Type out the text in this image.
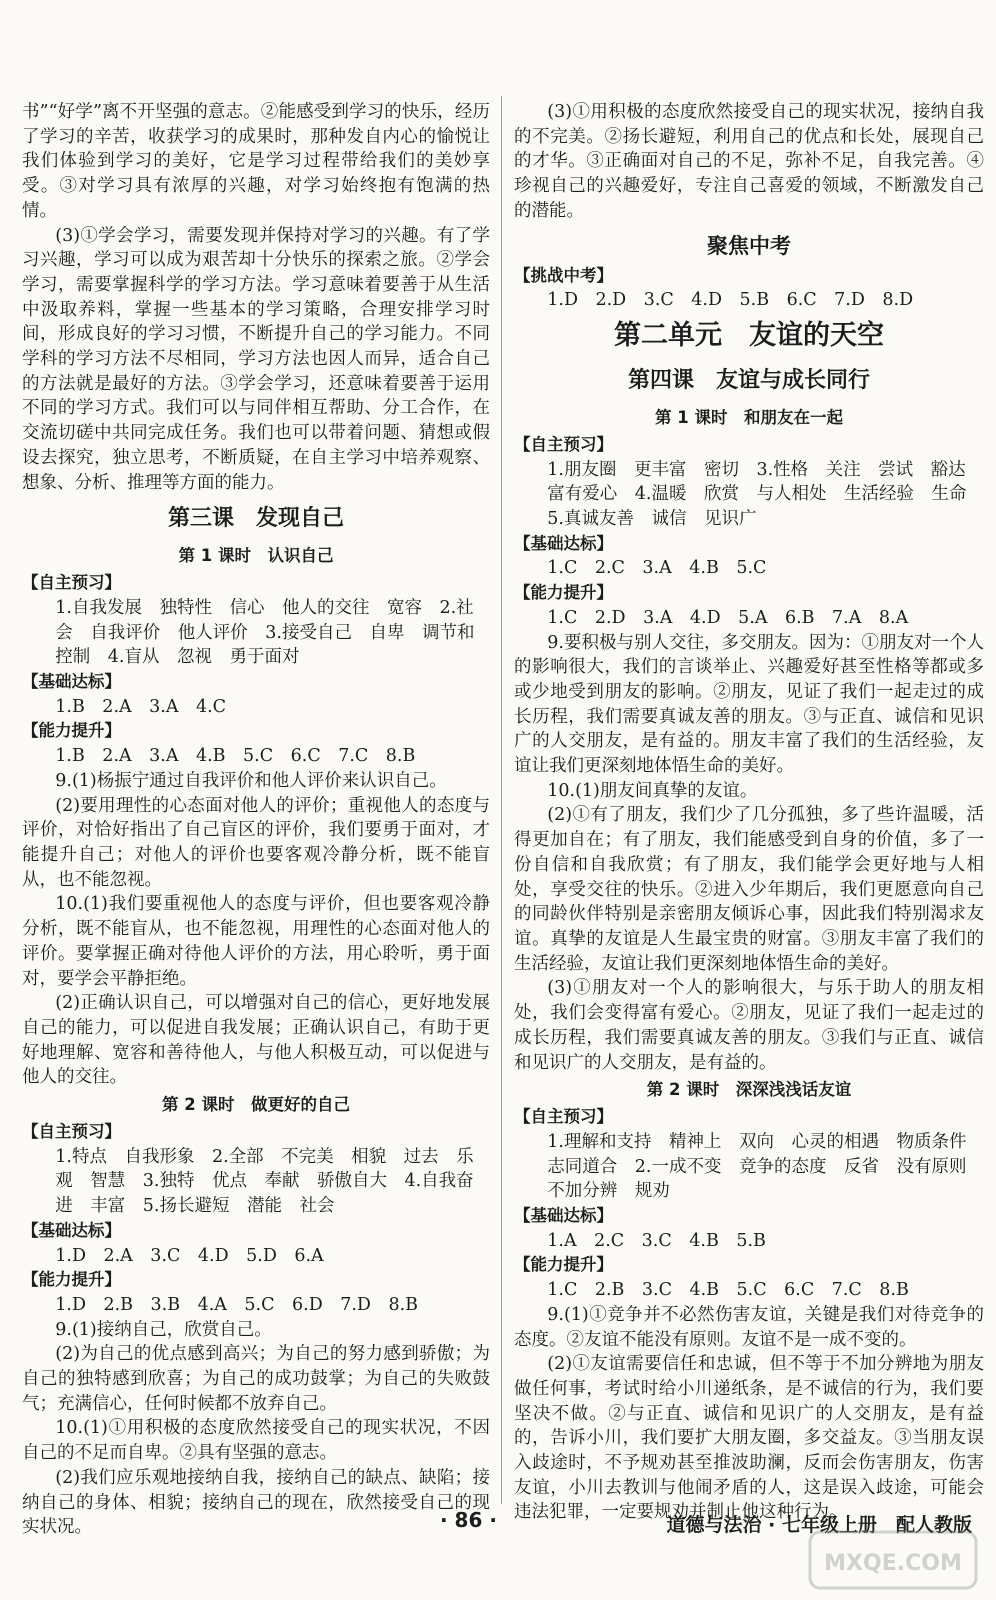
书”“好学”离不开坚强的意志。②能感受到学习的快乐，经历了学习的辛苦，收获学习的成果时，那种发自内心的愉悦让我们体验到学习的美好，它是学习过程带给我们的美妙享受。③对学习具有浓厚的兴趣，对学习始终抱有饱满的热情。

(3)①学会学习，需要发现并保持对学习的兴趣。有了学习兴趣，学习可以成为艰苦却十分快乐的探索之旅。②学会学习，需要掌握科学的学习方法。学习意味着要善于从生活中汲取养料，掌握一些基本的学习策略，合理安排学习时间，形成良好的学习习惯，不断提升自己的学习能力。不同学科的学习方法不尽相同，学习方法也因人而异，适合自己的方法就是最好的方法。③学会学习，还意味着要善于运用不同的学习方式。我们可以与同伴相互帮助、分工合作，在交流切磋中共同完成任务。我们也可以带着问题、猜想或假设去探究，独立思考，不断质疑，在自主学习中培养观察、想象、分析、推理等方面的能力。

第三课　发现自己
第 1 课时　认识自己

【自主预习】

1.自我发展　独特性　信心　他人的交往　宽容　2.社会　自我评价　他人评价　3.接受自己　自卑　调节和控制　4.盲从　忽视　勇于面对

【基础达标】

1.B　2.A　3.A　4.C

【能力提升】

1.B　2.A　3.A　4.B　5.C　6.C　7.C　8.B

9.(1)杨振宁通过自我评价和他人评价来认识自己。

(2)要用理性的心态面对他人的评价；重视他人的态度与评价，对恰好指出了自己盲区的评价，我们要勇于面对，才能提升自己；对他人的评价也要客观冷静分析，既不能盲从，也不能忽视。

10.(1)我们要重视他人的态度与评价，但也要客观冷静分析，既不能盲从，也不能忽视，用理性的心态面对他人的评价。要掌握正确对待他人评价的方法，用心聆听，勇于面对，要学会平静拒绝。

(2)正确认识自己，可以增强对自己的信心，更好地发展自己的能力，可以促进自我发展；正确认识自己，有助于更好地理解、宽容和善待他人，与他人积极互动，可以促进与他人的交往。

第 2 课时　做更好的自己

【自主预习】

1.特点　自我形象　2.全部　不完美　相貌　过去　乐观　智慧　3.独特　优点　奉献　骄傲自大　4.自我奋进　丰富　5.扬长避短　潜能　社会

【基础达标】

1.D　2.A　3.C　4.D　5.D　6.A

【能力提升】

1.D　2.B　3.B　4.A　5.C　6.D　7.D　8.B

9.(1)接纳自己，欣赏自己。

(2)为自己的优点感到高兴；为自己的努力感到骄傲；为自己的独特感到欣喜；为自己的成功鼓掌；为自己的失败鼓气；充满信心，任何时候都不放弃自己。

10.(1)①用积极的态度欣然接受自己的现实状况，不因自己的不足而自卑。②具有坚强的意志。

(2)我们应乐观地接纳自我，接纳自己的缺点、缺陷；接纳自己的身体、相貌；接纳自己的现在，欣然接受自己的现实状况。

(3)①用积极的态度欣然接受自己的现实状况，接纳自我的不完美。②扬长避短，利用自己的优点和长处，展现自己的才华。③正确面对自己的不足，弥补不足，自我完善。④珍视自己的兴趣爱好，专注自己喜爱的领域，不断激发自己的潜能。

聚焦中考

【挑战中考】

1.D　2.D　3.C　4.D　5.B　6.C　7.D　8.D

第二单元　友谊的天空
第四课　友谊与成长同行
第 1 课时　和朋友在一起

【自主预习】

1.朋友圈　更丰富　密切　3.性格　关注　尝试　豁达　富有爱心　4.温暖　欣赏　与人相处　生活经验　生命　5.真诚友善　诚信　见识广

【基础达标】

1.C　2.C　3.A　4.B　5.C

【能力提升】

1.C　2.D　3.A　4.D　5.A　6.B　7.A　8.A

9.要积极与别人交往，多交朋友。因为：①朋友对一个人的影响很大，我们的言谈举止、兴趣爱好甚至性格等都或多或少地受到朋友的影响。②朋友，见证了我们一起走过的成长历程，我们需要真诚友善的朋友。③与正直、诚信和见识广的人交朋友，是有益的。朋友丰富了我们的生活经验，友谊让我们更深刻地体悟生命的美好。

10.(1)朋友间真挚的友谊。

(2)①有了朋友，我们少了几分孤独，多了些许温暖，活得更加自在；有了朋友，我们能感受到自身的价值，多了一份自信和自我欣赏；有了朋友，我们能学会更好地与人相处，享受交往的快乐。②进入少年期后，我们更愿意向自己的同龄伙伴特别是亲密朋友倾诉心事，因此我们特别渴求友谊。真挚的友谊是人生最宝贵的财富。③朋友丰富了我们的生活经验，友谊让我们更深刻地体悟生命的美好。

(3)①朋友对一个人的影响很大，与乐于助人的朋友相处，我们会变得富有爱心。②朋友，见证了我们一起走过的成长历程，我们需要真诚友善的朋友。③我们与正直、诚信和见识广的人交朋友，是有益的。

第 2 课时　深深浅浅话友谊

【自主预习】

1.理解和支持　精神上　双向　心灵的相遇　物质条件　志同道合　2.一成不变　竞争的态度　反省　没有原则　不加分辨　规劝

【基础达标】

1.A　2.C　3.C　4.B　5.B

【能力提升】

1.C　2.B　3.C　4.B　5.C　6.C　7.C　8.B

9.(1)①竞争并不必然伤害友谊，关键是我们对待竞争的态度。②友谊不能没有原则。友谊不是一成不变的。

(2)①友谊需要信任和忠诚，但不等于不加分辨地为朋友做任何事，考试时给小川递纸条，是不诚信的行为，我们要坚决不做。②与正直、诚信和见识广的人交朋友，是有益的，告诉小川，我们要扩大朋友圈，多交益友。③当朋友误入歧途时，不予规劝甚至推波助澜，反而会伤害朋友，伤害友谊，小川去教训与他闹矛盾的人，这是误入歧途，可能会违法犯罪，一定要规劝并制止他这种行为。

· 86 ·	道德与法治 · 七年级上册　配人教版
MXQE.COM
